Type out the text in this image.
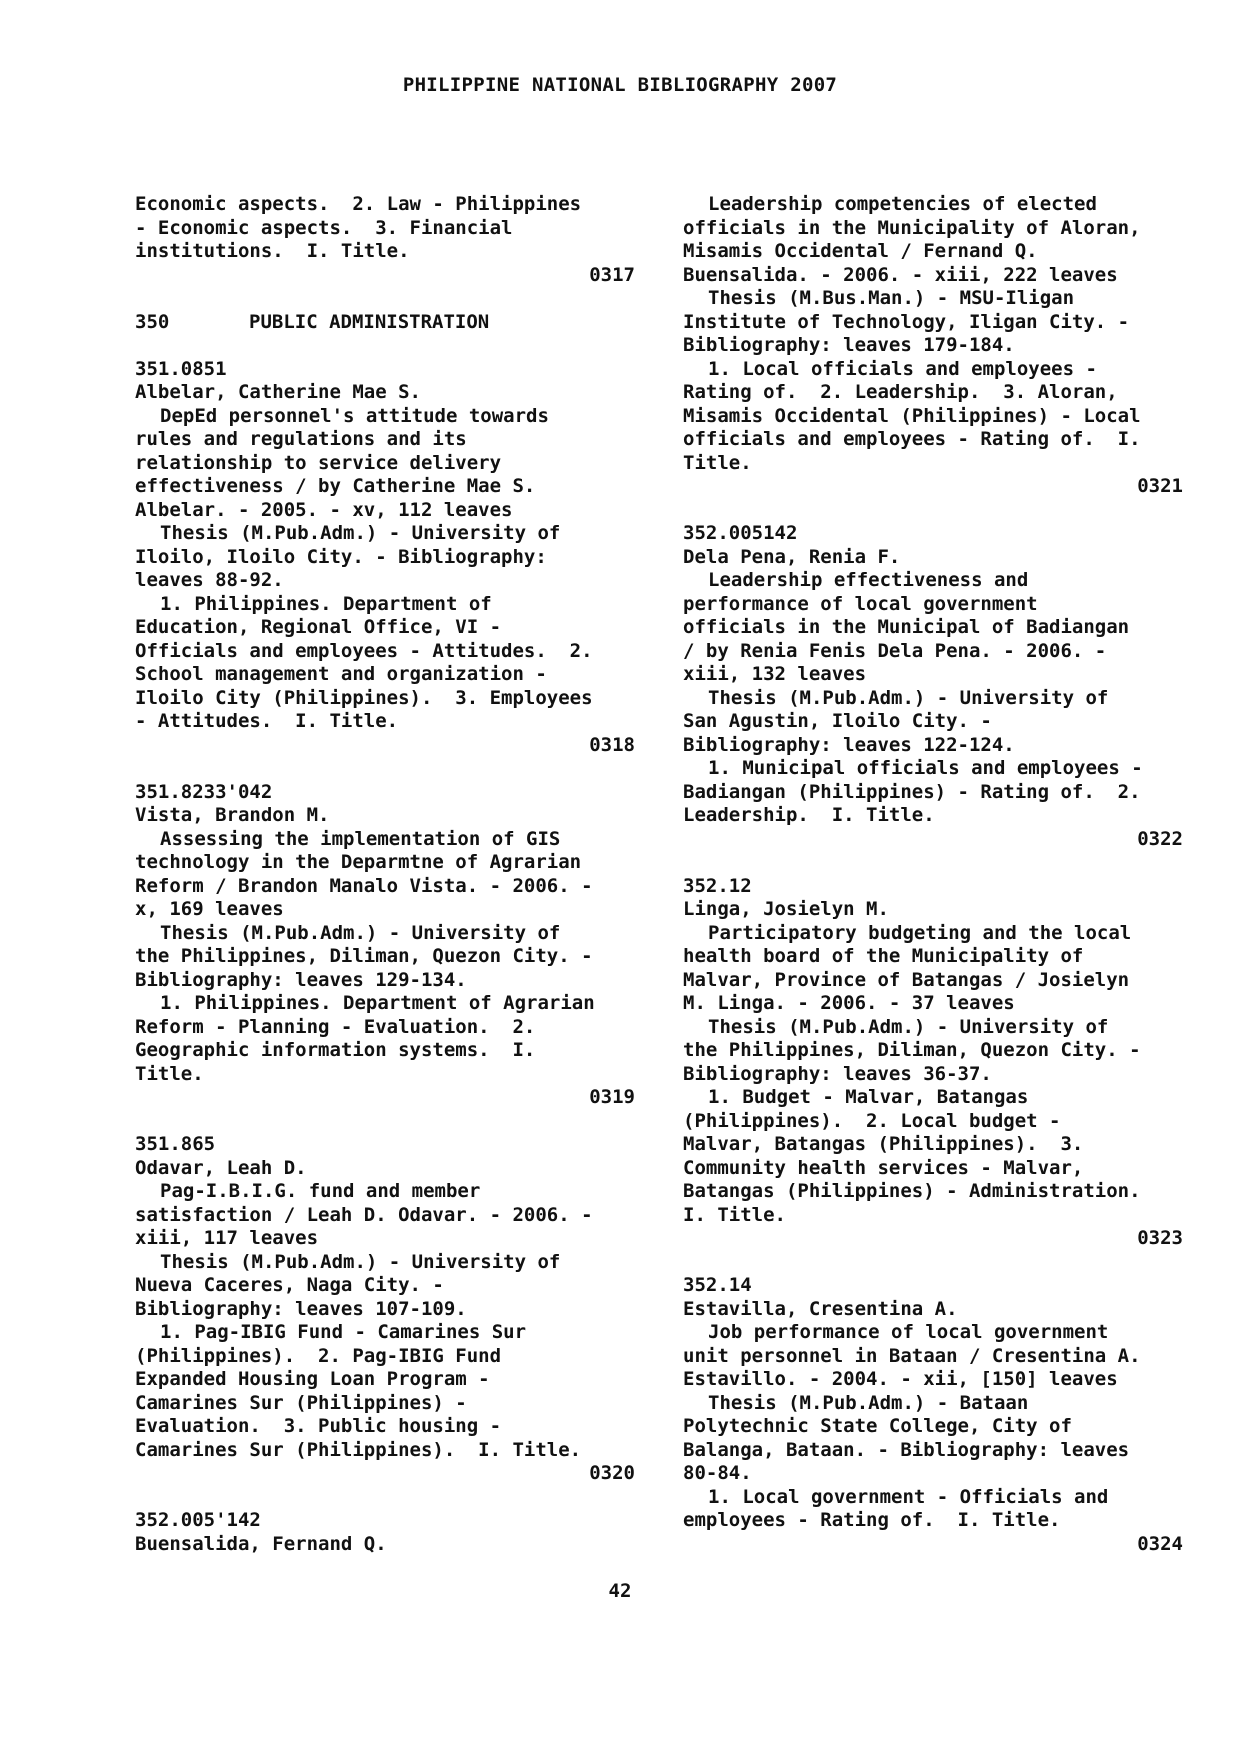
PHILIPPINE NATIONAL BIBLIOGRAPHY 2007
Economic aspects.  2. Law - Philippines
- Economic aspects.  3. Financial
institutions.  I. Title.
0317
350	PUBLIC ADMINISTRATION
351.0851
Albelar, Catherine Mae S.
DepEd personnel's attitude towards
rules and regulations and its
relationship to service delivery
effectiveness / by Catherine Mae S.
Albelar. - 2005. - xv, 112 leaves
Thesis (M.Pub.Adm.) - University of
Iloilo, Iloilo City. - Bibliography:
leaves 88-92.
1. Philippines. Department of
Education, Regional Office, VI -
Officials and employees - Attitudes.  2.
School management and organization -
Iloilo City (Philippines).  3. Employees
- Attitudes.  I. Title.
0318
351.8233'042
Vista, Brandon M.
Assessing the implementation of GIS
technology in the Deparmtne of Agrarian
Reform / Brandon Manalo Vista. - 2006. -
x, 169 leaves
Thesis (M.Pub.Adm.) - University of
the Philippines, Diliman, Quezon City. -
Bibliography: leaves 129-134.
1. Philippines. Department of Agrarian
Reform - Planning - Evaluation.  2.
Geographic information systems.  I.
Title.
0319
351.865
Odavar, Leah D.
Pag-I.B.I.G. fund and member
satisfaction / Leah D. Odavar. - 2006. -
xiii, 117 leaves
Thesis (M.Pub.Adm.) - University of
Nueva Caceres, Naga City. -
Bibliography: leaves 107-109.
1. Pag-IBIG Fund - Camarines Sur
(Philippines).  2. Pag-IBIG Fund
Expanded Housing Loan Program -
Camarines Sur (Philippines) -
Evaluation.  3. Public housing -
Camarines Sur (Philippines).  I. Title.
0320
352.005'142
Buensalida, Fernand Q.
Leadership competencies of elected
officials in the Municipality of Aloran,
Misamis Occidental / Fernand Q.
Buensalida. - 2006. - xiii, 222 leaves
Thesis (M.Bus.Man.) - MSU-Iligan
Institute of Technology, Iligan City. -
Bibliography: leaves 179-184.
1. Local officials and employees -
Rating of.  2. Leadership.  3. Aloran,
Misamis Occidental (Philippines) - Local
officials and employees - Rating of.  I.
Title.
0321
352.005142
Dela Pena, Renia F.
Leadership effectiveness and
performance of local government
officials in the Municipal of Badiangan
/ by Renia Fenis Dela Pena. - 2006. -
xiii, 132 leaves
Thesis (M.Pub.Adm.) - University of
San Agustin, Iloilo City. -
Bibliography: leaves 122-124.
1. Municipal officials and employees -
Badiangan (Philippines) - Rating of.  2.
Leadership.  I. Title.
0322
352.12
Linga, Josielyn M.
Participatory budgeting and the local
health board of the Municipality of
Malvar, Province of Batangas / Josielyn
M. Linga. - 2006. - 37 leaves
Thesis (M.Pub.Adm.) - University of
the Philippines, Diliman, Quezon City. -
Bibliography: leaves 36-37.
1. Budget - Malvar, Batangas
(Philippines).  2. Local budget -
Malvar, Batangas (Philippines).  3.
Community health services - Malvar,
Batangas (Philippines) - Administration.
I. Title.
0323
352.14
Estavilla, Cresentina A.
Job performance of local government
unit personnel in Bataan / Cresentina A.
Estavillo. - 2004. - xii, [150] leaves
Thesis (M.Pub.Adm.) - Bataan
Polytechnic State College, City of
Balanga, Bataan. - Bibliography: leaves
80-84.
1. Local government - Officials and
employees - Rating of.  I. Title.
0324
42
